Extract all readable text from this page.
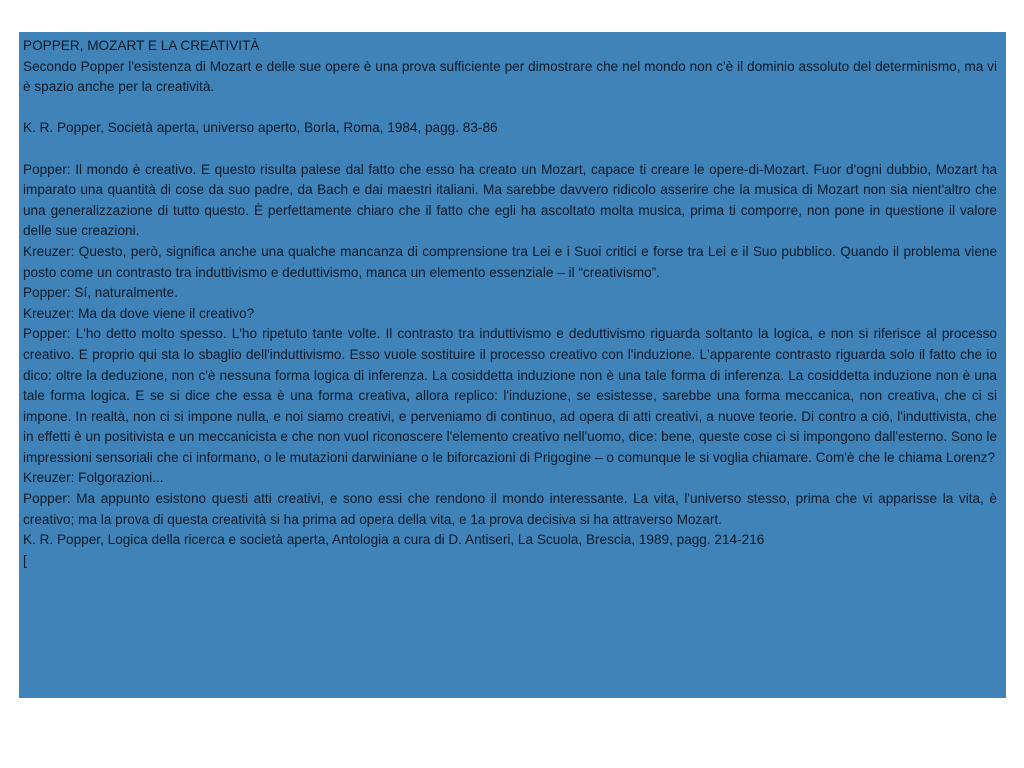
POPPER, MOZART E LA CREATIVITÀ

Secondo Popper l'esistenza di Mozart e delle sue opere è una prova sufficiente per dimostrare che nel mondo non c'è il dominio assoluto del determinismo, ma vi è spazio anche per la creatività.

K. R. Popper, Società aperta, universo aperto, Borla, Roma, 1984, pagg. 83-86

Popper: Il mondo è creativo. E questo risulta palese dal fatto che esso ha creato un Mozart, capace ti creare le opere-di-Mozart. Fuor d'ogni dubbio, Mozart ha imparato una quantità di cose da suo padre, da Bach e dai maestri italiani. Ma sarebbe davvero ridicolo asserire che la musica di Mozart non sia nient'altro che una generalizzazione di tutto questo. È perfettamente chiaro che il fatto che egli ha ascoltato molta musica, prima ti comporre, non pone in questione il valore delle sue creazioni.

Kreuzer: Questo, però, significa anche una qualche mancanza di comprensione tra Lei e i Suoi critici e forse tra Lei e il Suo pubblico. Quando il problema viene posto come un contrasto tra induttivismo e deduttivismo, manca un elemento essenziale – il “creativismo”.

Popper: Sí, naturalmente.

Kreuzer: Ma da dove viene il creativo?

Popper: L'ho detto molto spesso. L'ho ripetuto tante volte. Il contrasto tra induttivismo e deduttivismo riguarda soltanto la logica, e non si riferisce al processo creativo. E proprio qui sta lo sbaglio dell'induttivismo. Esso vuole sostituire il processo creativo con l'induzione. L'apparente contrasto riguarda solo il fatto che io dico: oltre la deduzione, non c'è nessuna forma logica di inferenza. La cosiddetta induzione non è una tale forma di inferenza. La cosiddetta induzione non è una tale forma logica. E se si dice che essa è una forma creativa, allora replico: l'induzione, se esistesse, sarebbe una forma meccanica, non creativa, che ci si impone. In realtà, non ci si impone nulla, e noi siamo creativi, e perveniamo di continuo, ad opera di atti creativi, a nuove teorie. Di contro a ció, l'induttivista, che in effetti è un positivista e un meccanicista e che non vuol riconoscere l'elemento creativo nell'uomo, dice: bene, queste cose ci si impongono dall'esterno. Sono le impressioni sensoriali che ci informano, o le mutazioni darwiniane o le biforcazioni di Prigogine – o comunque le si voglia chiamare. Com'è che le chiama Lorenz?

Kreuzer: Folgorazioni...

Popper: Ma appunto esistono questi atti creativi, e sono essi che rendono il mondo interessante. La vita, l'universo stesso, prima che vi apparisse la vita, è creativo; ma la prova di questa creatività si ha prima ad opera della vita, e 1a prova decisiva si ha attraverso Mozart.

K. R. Popper, Logica della ricerca e società aperta, Antologia a cura di D. Antiseri, La Scuola, Brescia, 1989, pagg. 214-216

[
